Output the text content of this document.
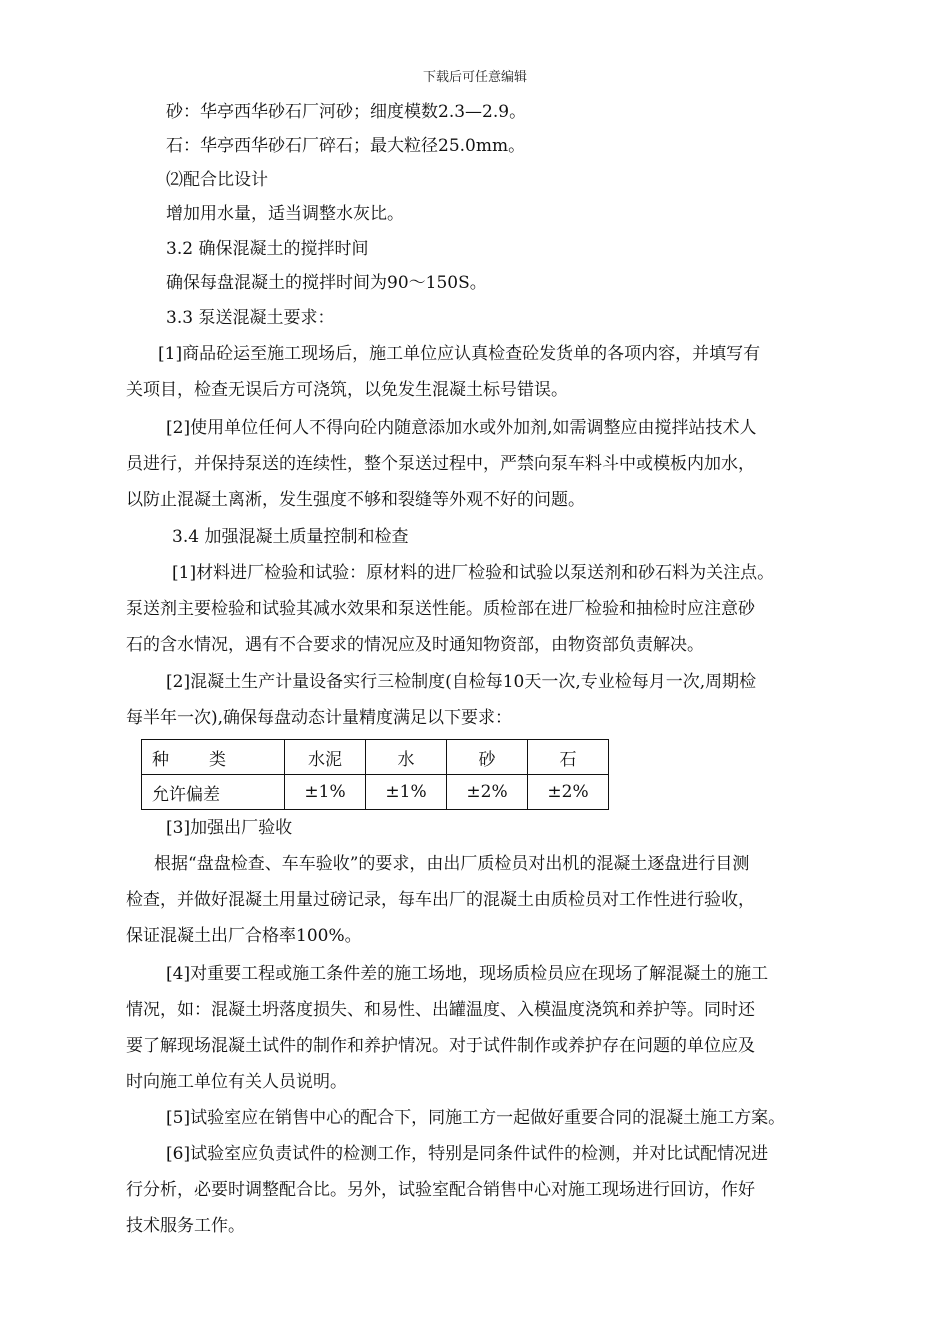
下载后可任意编辑
砂：华亭西华砂石厂河砂；细度模数2.3—2.9。
石：华亭西华砂石厂碎石；最大粒径25.0mm。
⑵配合比设计
增加用水量，适当调整水灰比。
3.2 确保混凝土的搅拌时间
确保每盘混凝土的搅拌时间为90～150S。
3.3 泵送混凝土要求：
[1]商品砼运至施工现场后，施工单位应认真检查砼发货单的各项内容，并填写有
关项目，检查无误后方可浇筑，以免发生混凝土标号错误。
[2]使用单位任何人不得向砼内随意添加水或外加剂,如需调整应由搅拌站技术人
员进行，并保持泵送的连续性，整个泵送过程中，严禁向泵车料斗中或模板内加水，
以防止混凝土离淅，发生强度不够和裂缝等外观不好的问题。
3.4 加强混凝土质量控制和检查
[1]材料进厂检验和试验：原材料的进厂检验和试验以泵送剂和砂石料为关注点。
泵送剂主要检验和试验其减水效果和泵送性能。质检部在进厂检验和抽检时应注意砂
石的含水情况，遇有不合要求的情况应及时通知物资部，由物资部负责解决。
[2]混凝土生产计量设备实行三检制度(自检每10天一次,专业检每月一次,周期检
每半年一次),确保每盘动态计量精度满足以下要求：
种类	水泥	水	砂	石
允许偏差	±1%	±1%	±2%	±2%
[3]加强出厂验收
根据“盘盘检查、车车验收”的要求，由出厂质检员对出机的混凝土逐盘进行目测
检查，并做好混凝土用量过磅记录，每车出厂的混凝土由质检员对工作性进行验收，
保证混凝土出厂合格率100%。
[4]对重要工程或施工条件差的施工场地，现场质检员应在现场了解混凝土的施工
情况，如：混凝土坍落度损失、和易性、出罐温度、入模温度浇筑和养护等。同时还
要了解现场混凝土试件的制作和养护情况。对于试件制作或养护存在问题的单位应及
时向施工单位有关人员说明。
[5]试验室应在销售中心的配合下，同施工方一起做好重要合同的混凝土施工方案。
[6]试验室应负责试件的检测工作，特别是同条件试件的检测，并对比试配情况进
行分析，必要时调整配合比。另外，试验室配合销售中心对施工现场进行回访，作好
技术服务工作。
